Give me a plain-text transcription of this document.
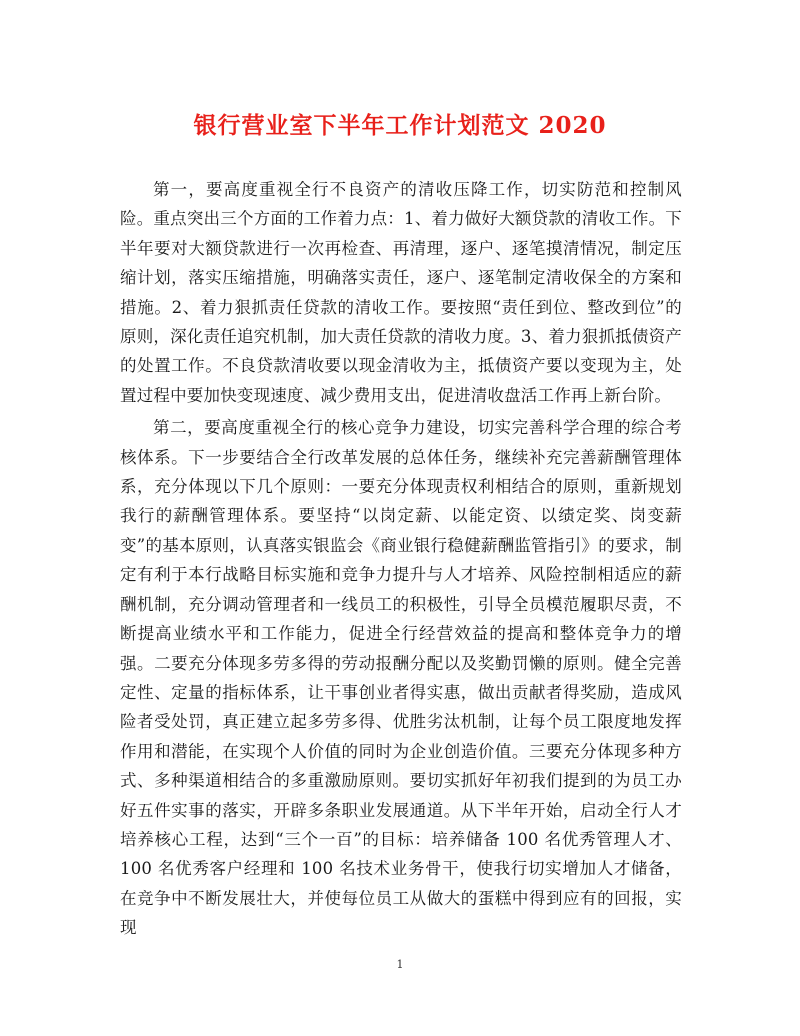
银行营业室下半年工作计划范文 2020

第一，要高度重视全行不良资产的清收压降工作，切实防范和控制风险。重点突出三个方面的工作着力点：1、着力做好大额贷款的清收工作。下半年要对大额贷款进行一次再检查、再清理，逐户、逐笔摸清情况，制定压缩计划，落实压缩措施，明确落实责任，逐户、逐笔制定清收保全的方案和措施。2、着力狠抓责任贷款的清收工作。要按照“责任到位、整改到位”的原则，深化责任追究机制，加大责任贷款的清收力度。3、着力狠抓抵债资产的处置工作。不良贷款清收要以现金清收为主，抵债资产要以变现为主，处置过程中要加快变现速度、减少费用支出，促进清收盘活工作再上新台阶。

第二，要高度重视全行的核心竞争力建设，切实完善科学合理的综合考核体系。下一步要结合全行改革发展的总体任务，继续补充完善薪酬管理体系，充分体现以下几个原则：一要充分体现责权利相结合的原则，重新规划我行的薪酬管理体系。要坚持“以岗定薪、以能定资、以绩定奖、岗变薪变”的基本原则，认真落实银监会《商业银行稳健薪酬监管指引》的要求，制定有利于本行战略目标实施和竞争力提升与人才培养、风险控制相适应的薪酬机制，充分调动管理者和一线员工的积极性，引导全员模范履职尽责，不断提高业绩水平和工作能力，促进全行经营效益的提高和整体竞争力的增强。二要充分体现多劳多得的劳动报酬分配以及奖勤罚懒的原则。健全完善定性、定量的指标体系，让干事创业者得实惠，做出贡献者得奖励，造成风险者受处罚，真正建立起多劳多得、优胜劣汰机制，让每个员工限度地发挥作用和潜能，在实现个人价值的同时为企业创造价值。三要充分体现多种方式、多种渠道相结合的多重激励原则。要切实抓好年初我们提到的为员工办好五件实事的落实，开辟多条职业发展通道。从下半年开始，启动全行人才培养核心工程，达到“三个一百”的目标：培养储备 100 名优秀管理人才、100 名优秀客户经理和 100 名技术业务骨干，使我行切实增加人才储备，在竞争中不断发展壮大，并使每位员工从做大的蛋糕中得到应有的回报，实现

1
